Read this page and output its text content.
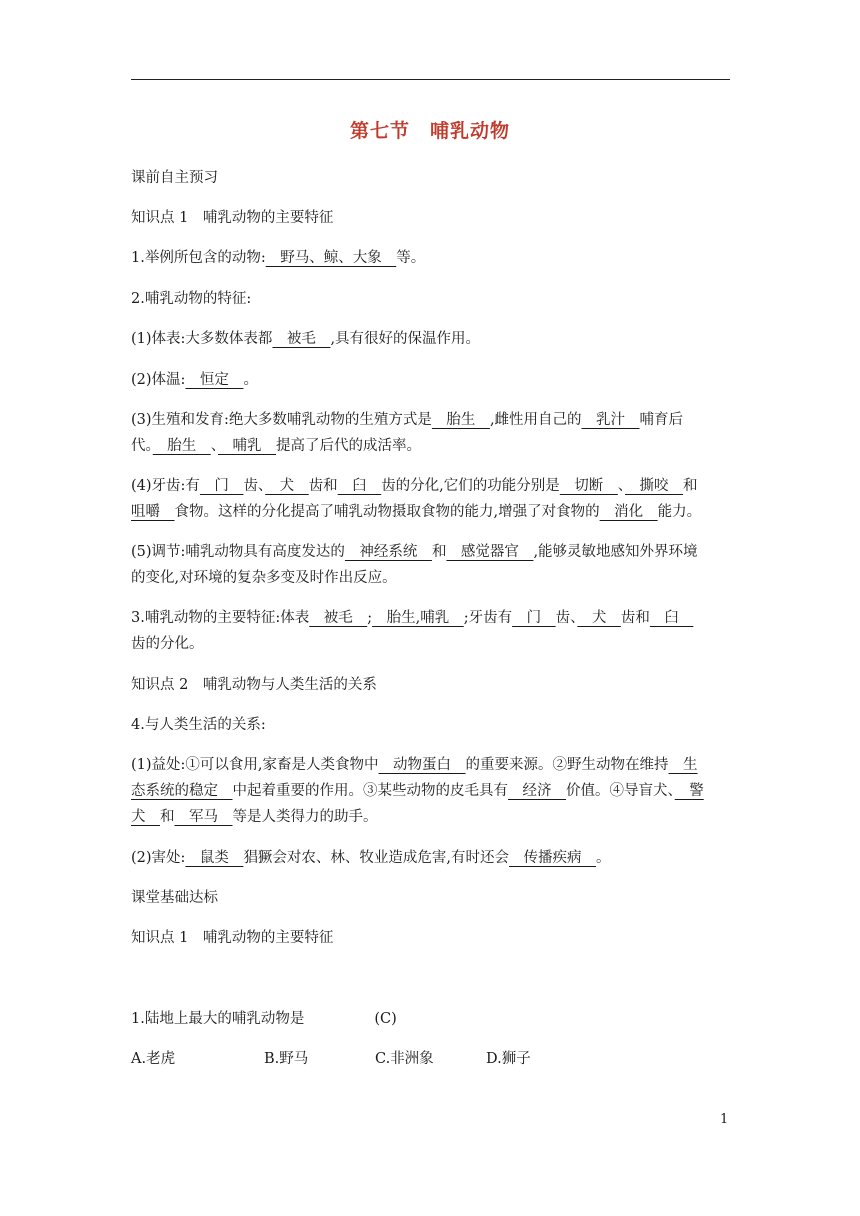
第七节　哺乳动物
课前自主预习
知识点 1　哺乳动物的主要特征
1.举例所包含的动物:　野马、鲸、大象　等。
2.哺乳动物的特征:
(1)体表:大多数体表都　被毛　,具有很好的保温作用。
(2)体温:　恒定　。
(3)生殖和发育:绝大多数哺乳动物的生殖方式是　胎生　,雌性用自己的　乳汁　哺育后
代。　胎生　、　哺乳　提高了后代的成活率。
(4)牙齿:有　门　齿、　犬　齿和　臼　齿的分化,它们的功能分别是　切断　、　撕咬　和
咀嚼　食物。这样的分化提高了哺乳动物摄取食物的能力,增强了对食物的　消化　能力。
(5)调节:哺乳动物具有高度发达的　神经系统　和　感觉器官　,能够灵敏地感知外界环境
的变化,对环境的复杂多变及时作出反应。
3.哺乳动物的主要特征:体表　被毛　;　胎生,哺乳　;牙齿有　门　齿、　犬　齿和　臼　
齿的分化。
知识点 2　哺乳动物与人类生活的关系
4.与人类生活的关系:
(1)益处:①可以食用,家畜是人类食物中　动物蛋白　的重要来源。②野生动物在维持　生
态系统的稳定　中起着重要的作用。③某些动物的皮毛具有　经济　价值。④导盲犬、　警
犬　和　军马　等是人类得力的助手。
(2)害处:　鼠类　猖獗会对农、林、牧业造成危害,有时还会　传播疾病　。
课堂基础达标
知识点 1　哺乳动物的主要特征
1.陆地上最大的哺乳动物是	(C)
A.老虎	B.野马	C.非洲象	D.狮子
1
